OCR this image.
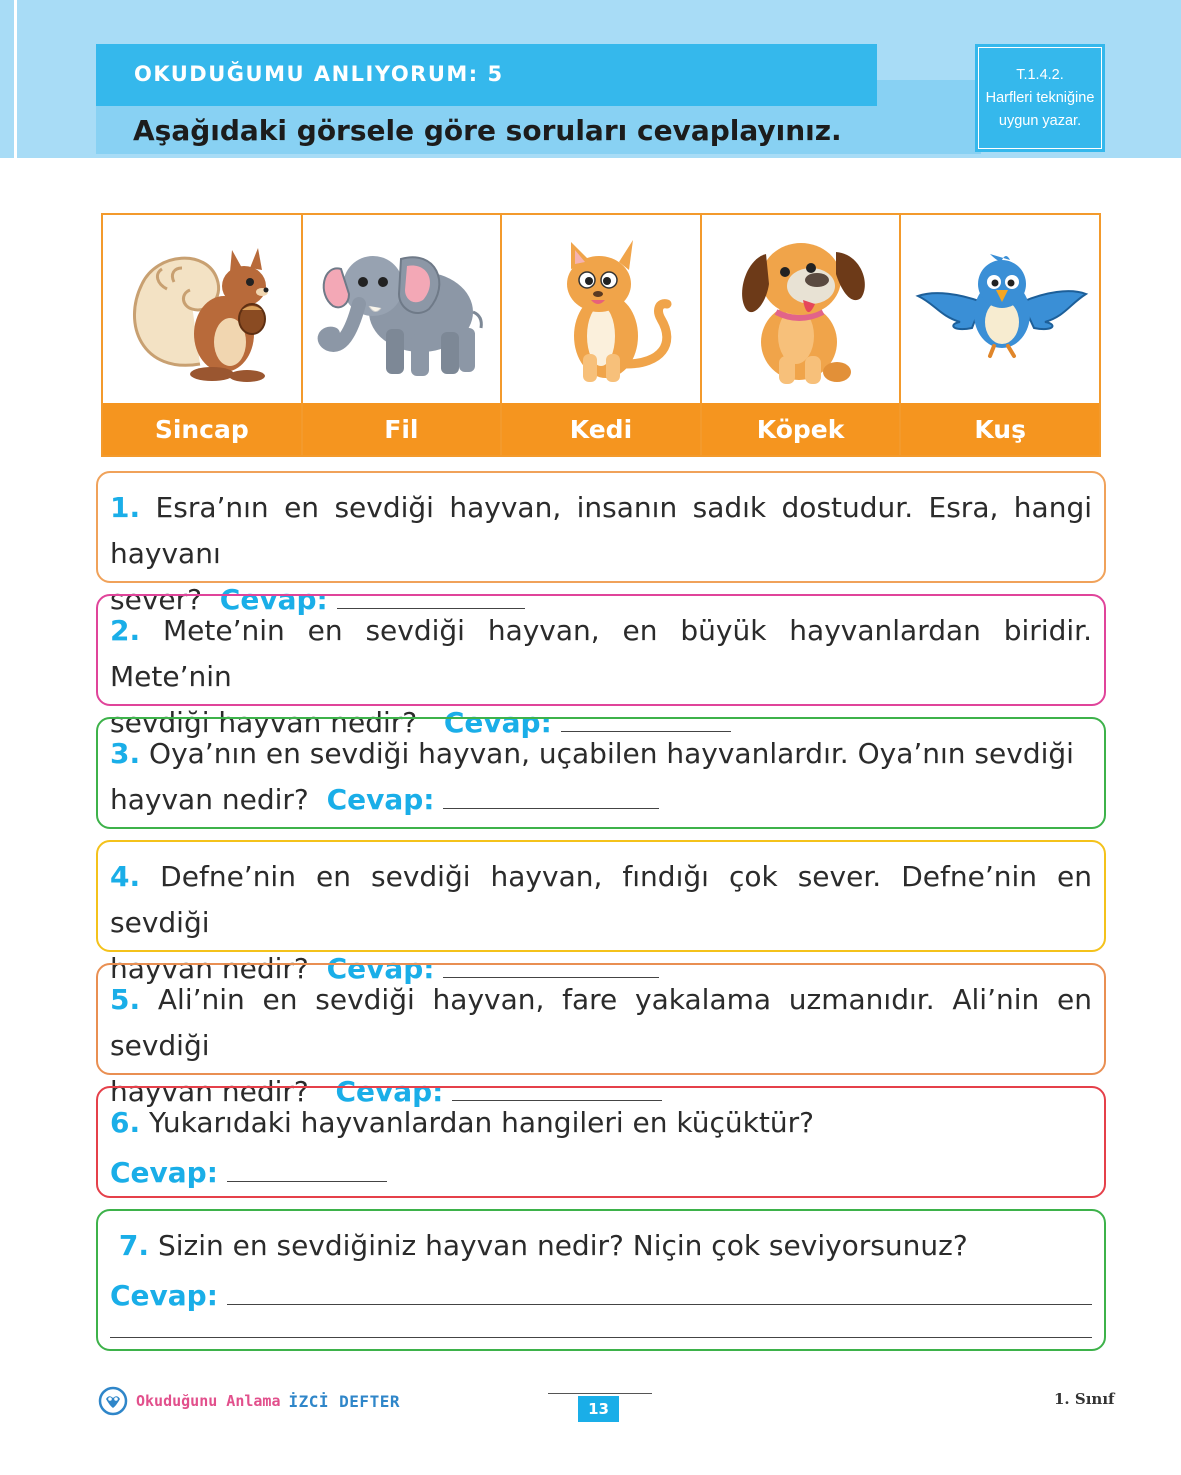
OKUDUĞUMU ANLIYORUM: 5
Aşağıdaki görsele göre soruları cevaplayınız.
T.1.4.2.
Harfleri tekniğine
uygun yazar.
Sincap	Fil	Kedi	Köpek	Kuş

1. Esra’nın en sevdiği hayvan, insanın sadık dostudur. Esra, hangi hayvanı

sever? Cevap:

2. Mete’nin en sevdiği hayvan, en büyük hayvanlardan biridir. Mete’nin

sevdiği hayvan nedir? Cevap:

3. Oya’nın en sevdiği hayvan, uçabilen hayvanlardır. Oya’nın sevdiği

hayvan nedir? Cevap:

4. Defne’nin en sevdiği hayvan, fındığı çok sever. Defne’nin en sevdiği

hayvan nedir? Cevap:

5. Ali’nin en sevdiği hayvan, fare yakalama uzmanıdır. Ali’nin en sevdiği

hayvan nedir? Cevap:

6. Yukarıdaki hayvanlardan hangileri en küçüktür?

Cevap:

7. Sizin en sevdiğiniz hayvan nedir? Niçin çok seviyorsunuz?

Cevap:

Okuduğunu Anlama İZCİ DEFTER	13
1. Sınıf
